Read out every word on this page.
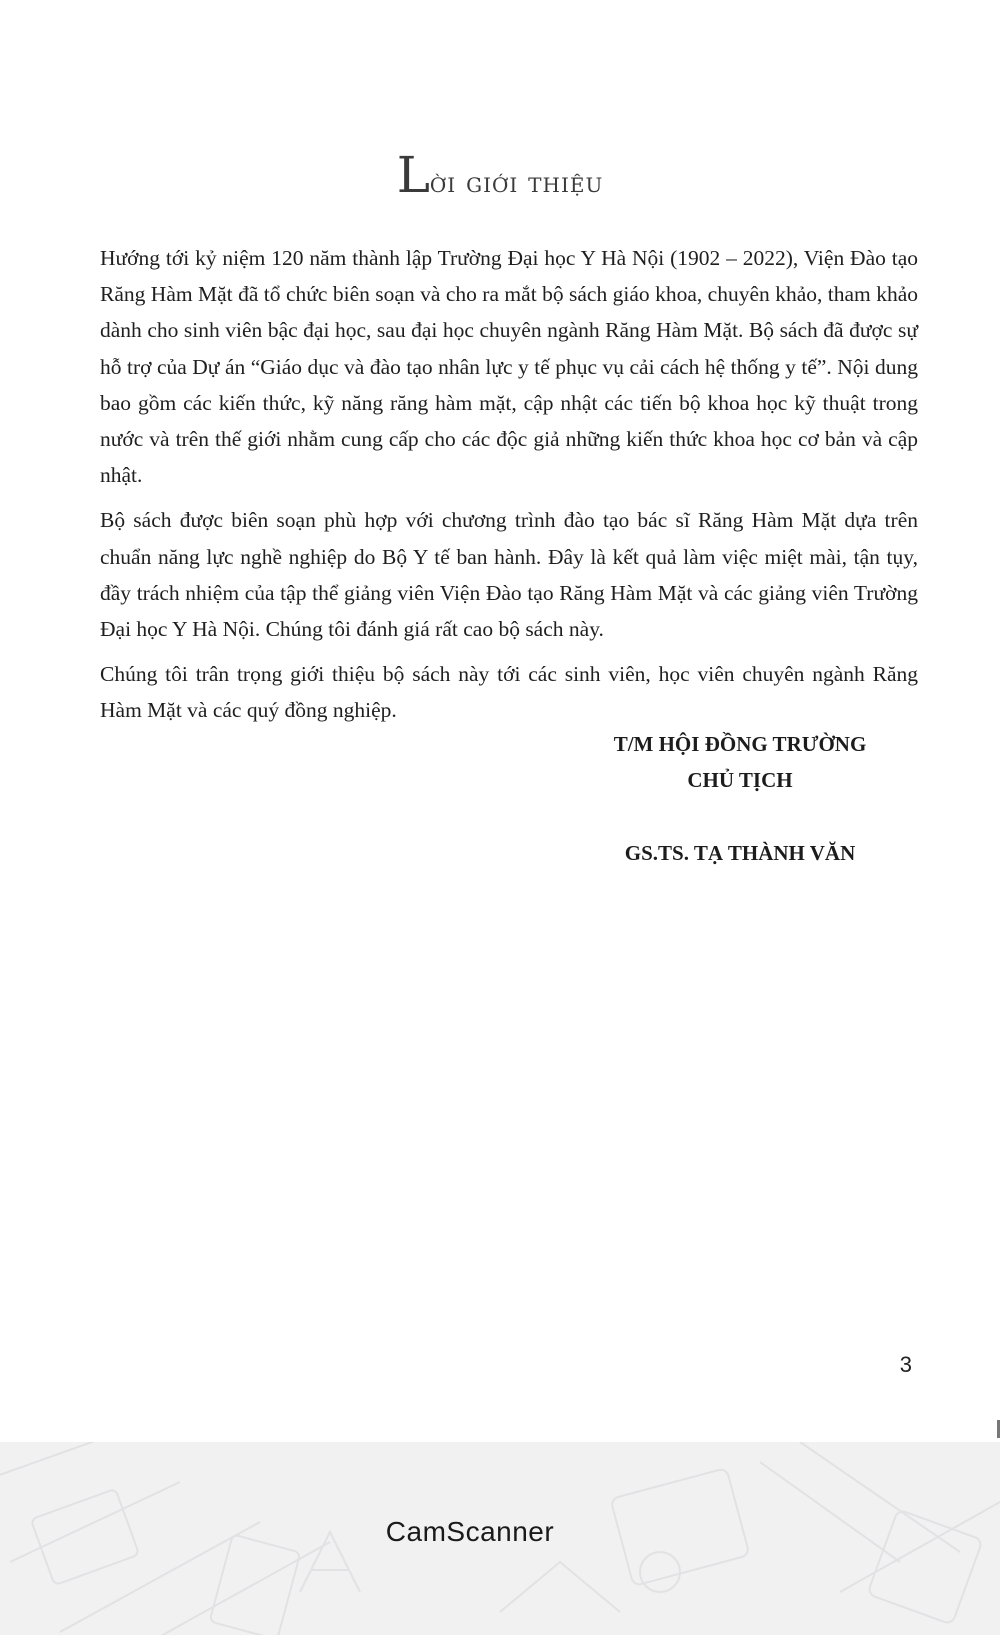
Lời giới thiệu

Hướng tới kỷ niệm 120 năm thành lập Trường Đại học Y Hà Nội (1902 – 2022), Viện Đào tạo Răng Hàm Mặt đã tổ chức biên soạn và cho ra mắt bộ sách giáo khoa, chuyên khảo, tham khảo dành cho sinh viên bậc đại học, sau đại học chuyên ngành Răng Hàm Mặt. Bộ sách đã được sự hỗ trợ của Dự án “Giáo dục và đào tạo nhân lực y tế phục vụ cải cách hệ thống y tế”. Nội dung bao gồm các kiến thức, kỹ năng răng hàm mặt, cập nhật các tiến bộ khoa học kỹ thuật trong nước và trên thế giới nhằm cung cấp cho các độc giả những kiến thức khoa học cơ bản và cập nhật.

Bộ sách được biên soạn phù hợp với chương trình đào tạo bác sĩ Răng Hàm Mặt dựa trên chuẩn năng lực nghề nghiệp do Bộ Y tế ban hành. Đây là kết quả làm việc miệt mài, tận tụy, đầy trách nhiệm của tập thể giảng viên Viện Đào tạo Răng Hàm Mặt và các giảng viên Trường Đại học Y Hà Nội. Chúng tôi đánh giá rất cao bộ sách này.

Chúng tôi trân trọng giới thiệu bộ sách này tới các sinh viên, học viên chuyên ngành Răng Hàm Mặt và các quý đồng nghiệp.

T/M HỘI ĐỒNG TRƯỜNG
CHỦ TỊCH
GS.TS. TẠ THÀNH VĂN
3
CamScanner
